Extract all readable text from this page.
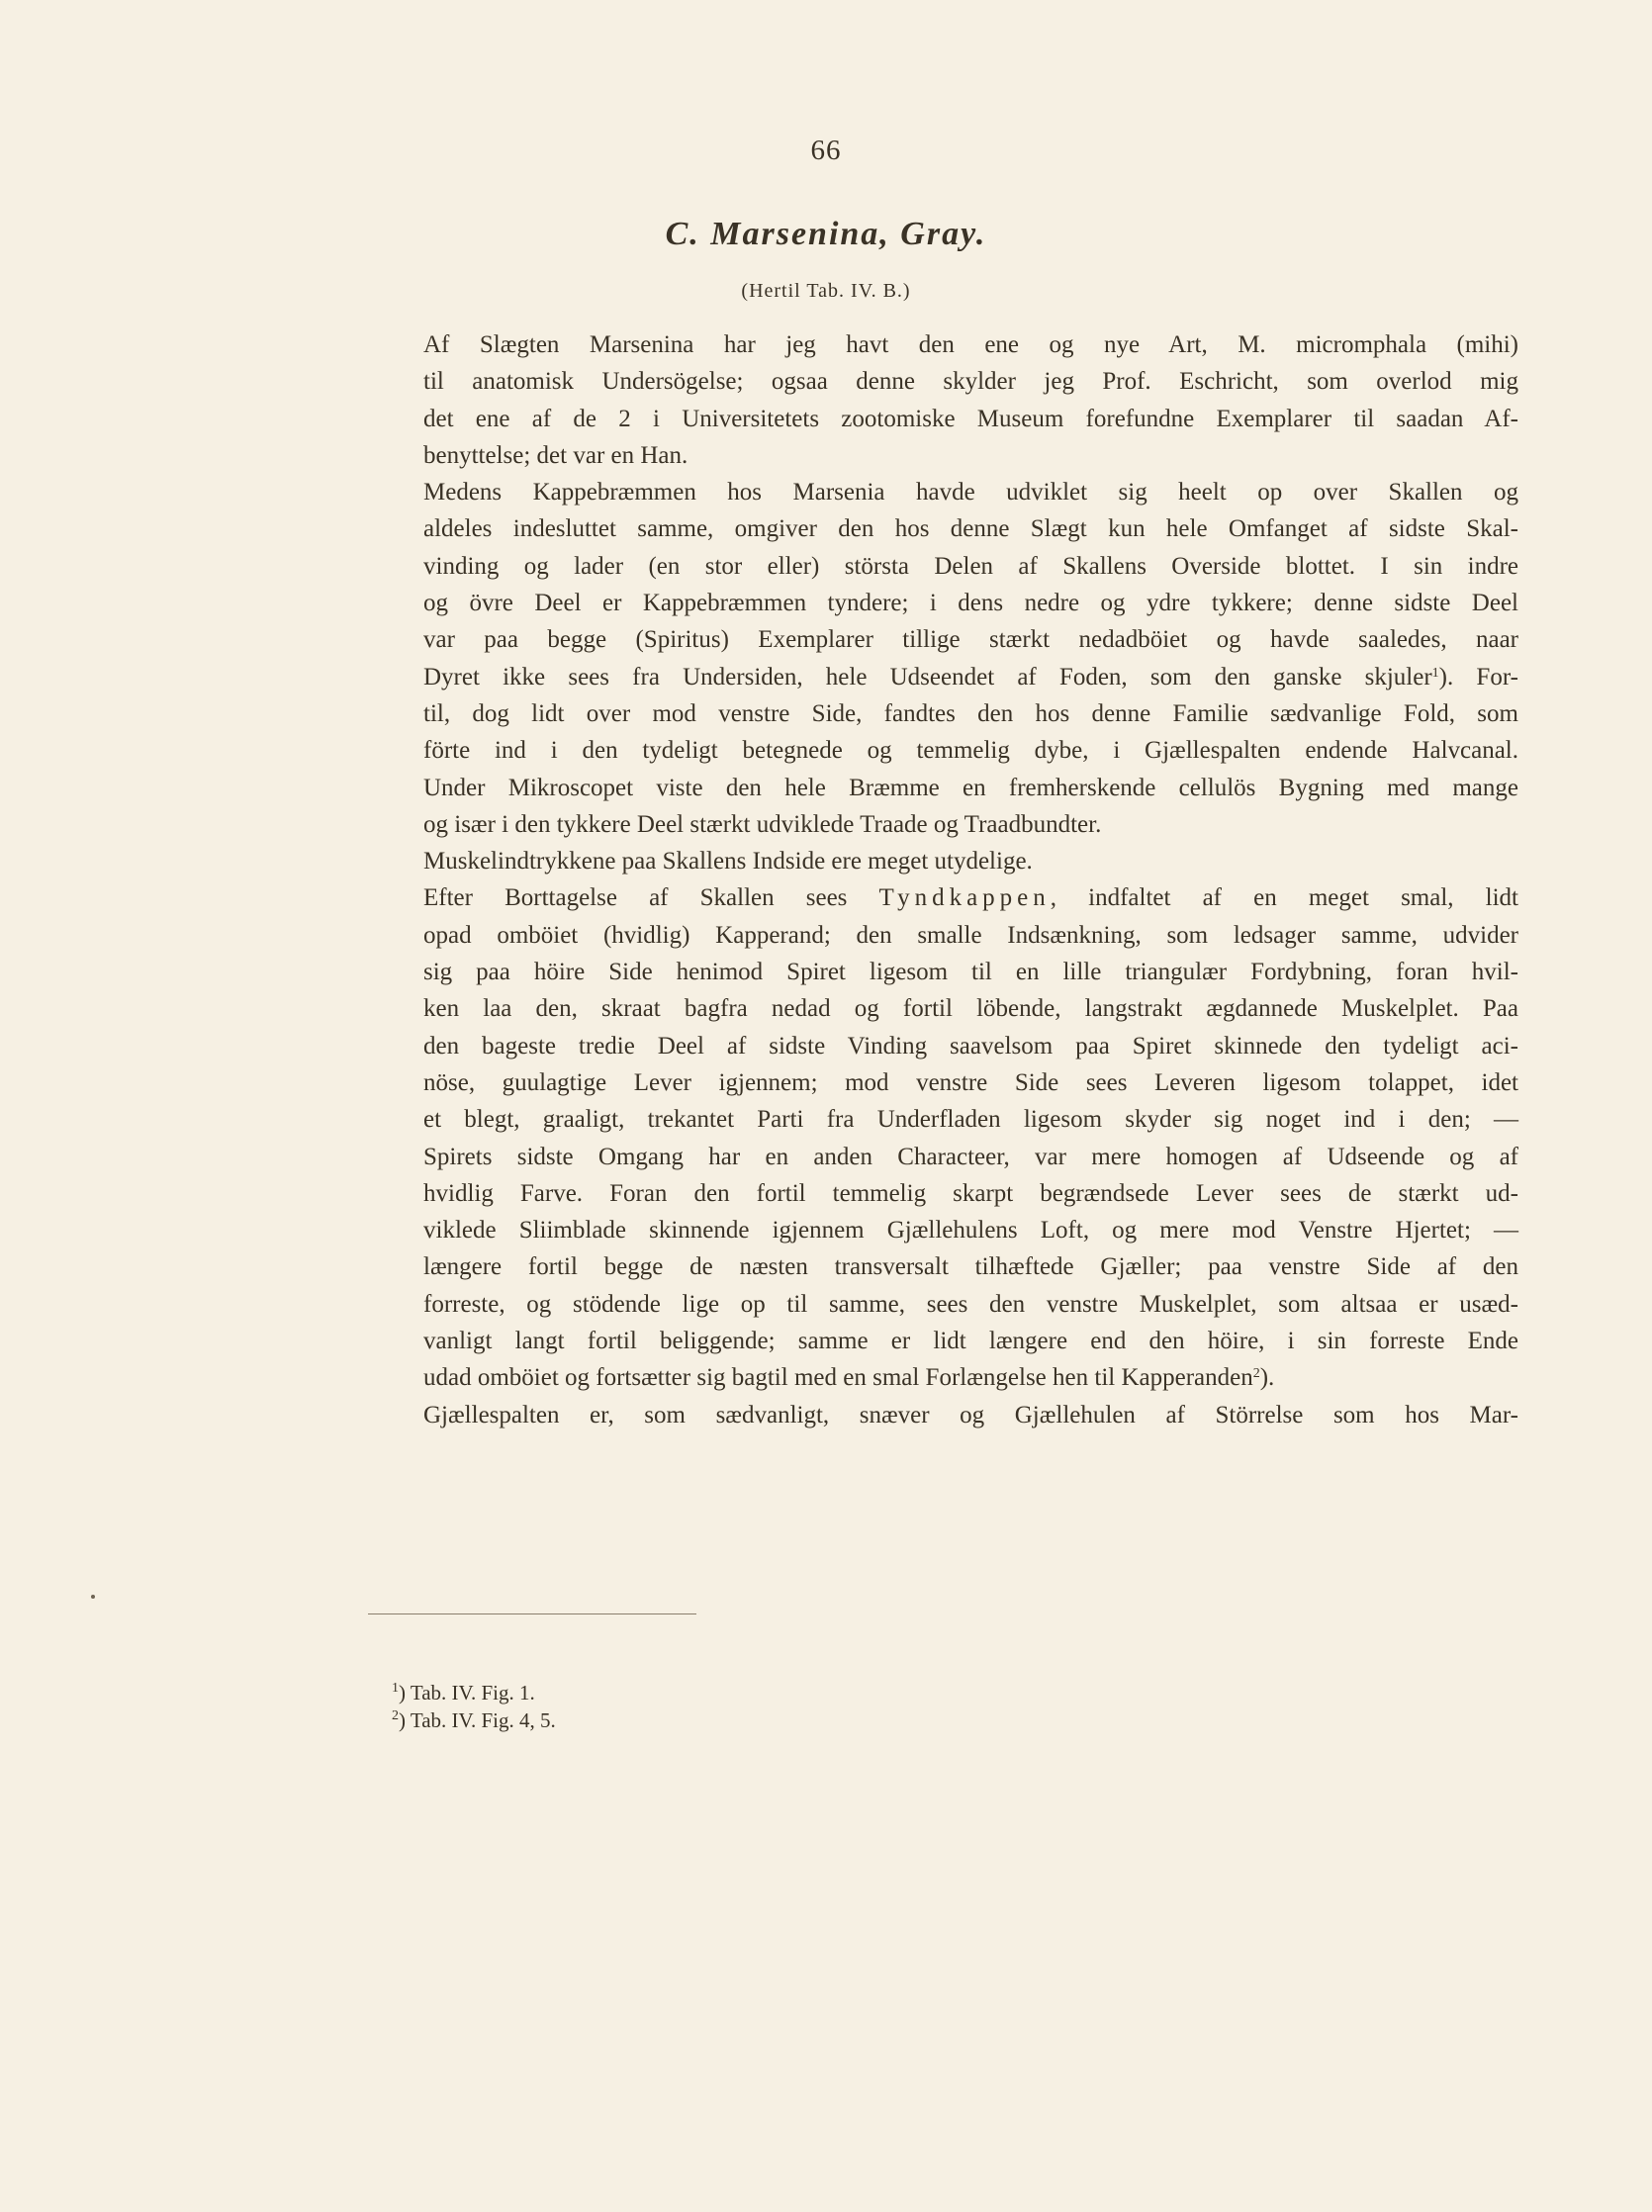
66
C. Marsenina, Gray.
(Hertil Tab. IV. B.)

Af Slægten Marsenina har jeg havt den ene og nye Art, M. micromphala (mihi)
til anatomisk Undersögelse; ogsaa denne skylder jeg Prof. Eschricht, som overlod mig
det ene af de 2 i Universitetets zootomiske Museum forefundne Exemplarer til saadan Af-
benyttelse; det var en Han.

Medens Kappebræmmen hos Marsenia havde udviklet sig heelt op over Skallen og
aldeles indesluttet samme, omgiver den hos denne Slægt kun hele Omfanget af sidste Skal-
vinding og lader (en stor eller) största Delen af Skallens Overside blottet. I sin indre
og övre Deel er Kappebræmmen tyndere; i dens nedre og ydre tykkere; denne sidste Deel
var paa begge (Spiritus) Exemplarer tillige stærkt nedadböiet og havde saaledes, naar
Dyret ikke sees fra Undersiden, hele Udseendet af Foden, som den ganske skjuler$^1$). For-
til, dog lidt over mod venstre Side, fandtes den hos denne Familie sædvanlige Fold, som
förte ind i den tydeligt betegnede og temmelig dybe, i Gjællespalten endende Halvcanal.
Under Mikroscopet viste den hele Bræmme en fremherskende cellulös Bygning med mange
og især i den tykkere Deel stærkt udviklede Traade og Traadbundter.

Muskelindtrykkene paa Skallens Indside ere meget utydelige.

Efter Borttagelse af Skallen sees Tyndkappen, indfaltet af en meget smal, lidt
opad omböiet (hvidlig) Kapperand; den smalle Indsænkning, som ledsager samme, udvider
sig paa höire Side henimod Spiret ligesom til en lille triangulær Fordybning, foran hvil-
ken laa den, skraat bagfra nedad og fortil löbende, langstrakt ægdannede Muskelplet. Paa
den bageste tredie Deel af sidste Vinding saavelsom paa Spiret skinnede den tydeligt aci-
nöse, guulagtige Lever igjennem; mod venstre Side sees Leveren ligesom tolappet, idet
et blegt, graaligt, trekantet Parti fra Underfladen ligesom skyder sig noget ind i den; —
Spirets sidste Omgang har en anden Characteer, var mere homogen af Udseende og af
hvidlig Farve. Foran den fortil temmelig skarpt begrændsede Lever sees de stærkt ud-
viklede Sliimblade skinnende igjennem Gjællehulens Loft, og mere mod Venstre Hjertet; —
længere fortil begge de næsten transversalt tilhæftede Gjæller; paa venstre Side af den
forreste, og stödende lige op til samme, sees den venstre Muskelplet, som altsaa er usæd-
vanligt langt fortil beliggende; samme er lidt længere end den höire, i sin forreste Ende
udad omböiet og fortsætter sig bagtil med en smal Forlængelse hen til Kapperanden$^2$).

Gjællespalten er, som sædvanligt, snæver og Gjællehulen af Störrelse som hos Mar-

$^1$) Tab. IV. Fig. 1.
$^2$) Tab. IV. Fig. 4, 5.
